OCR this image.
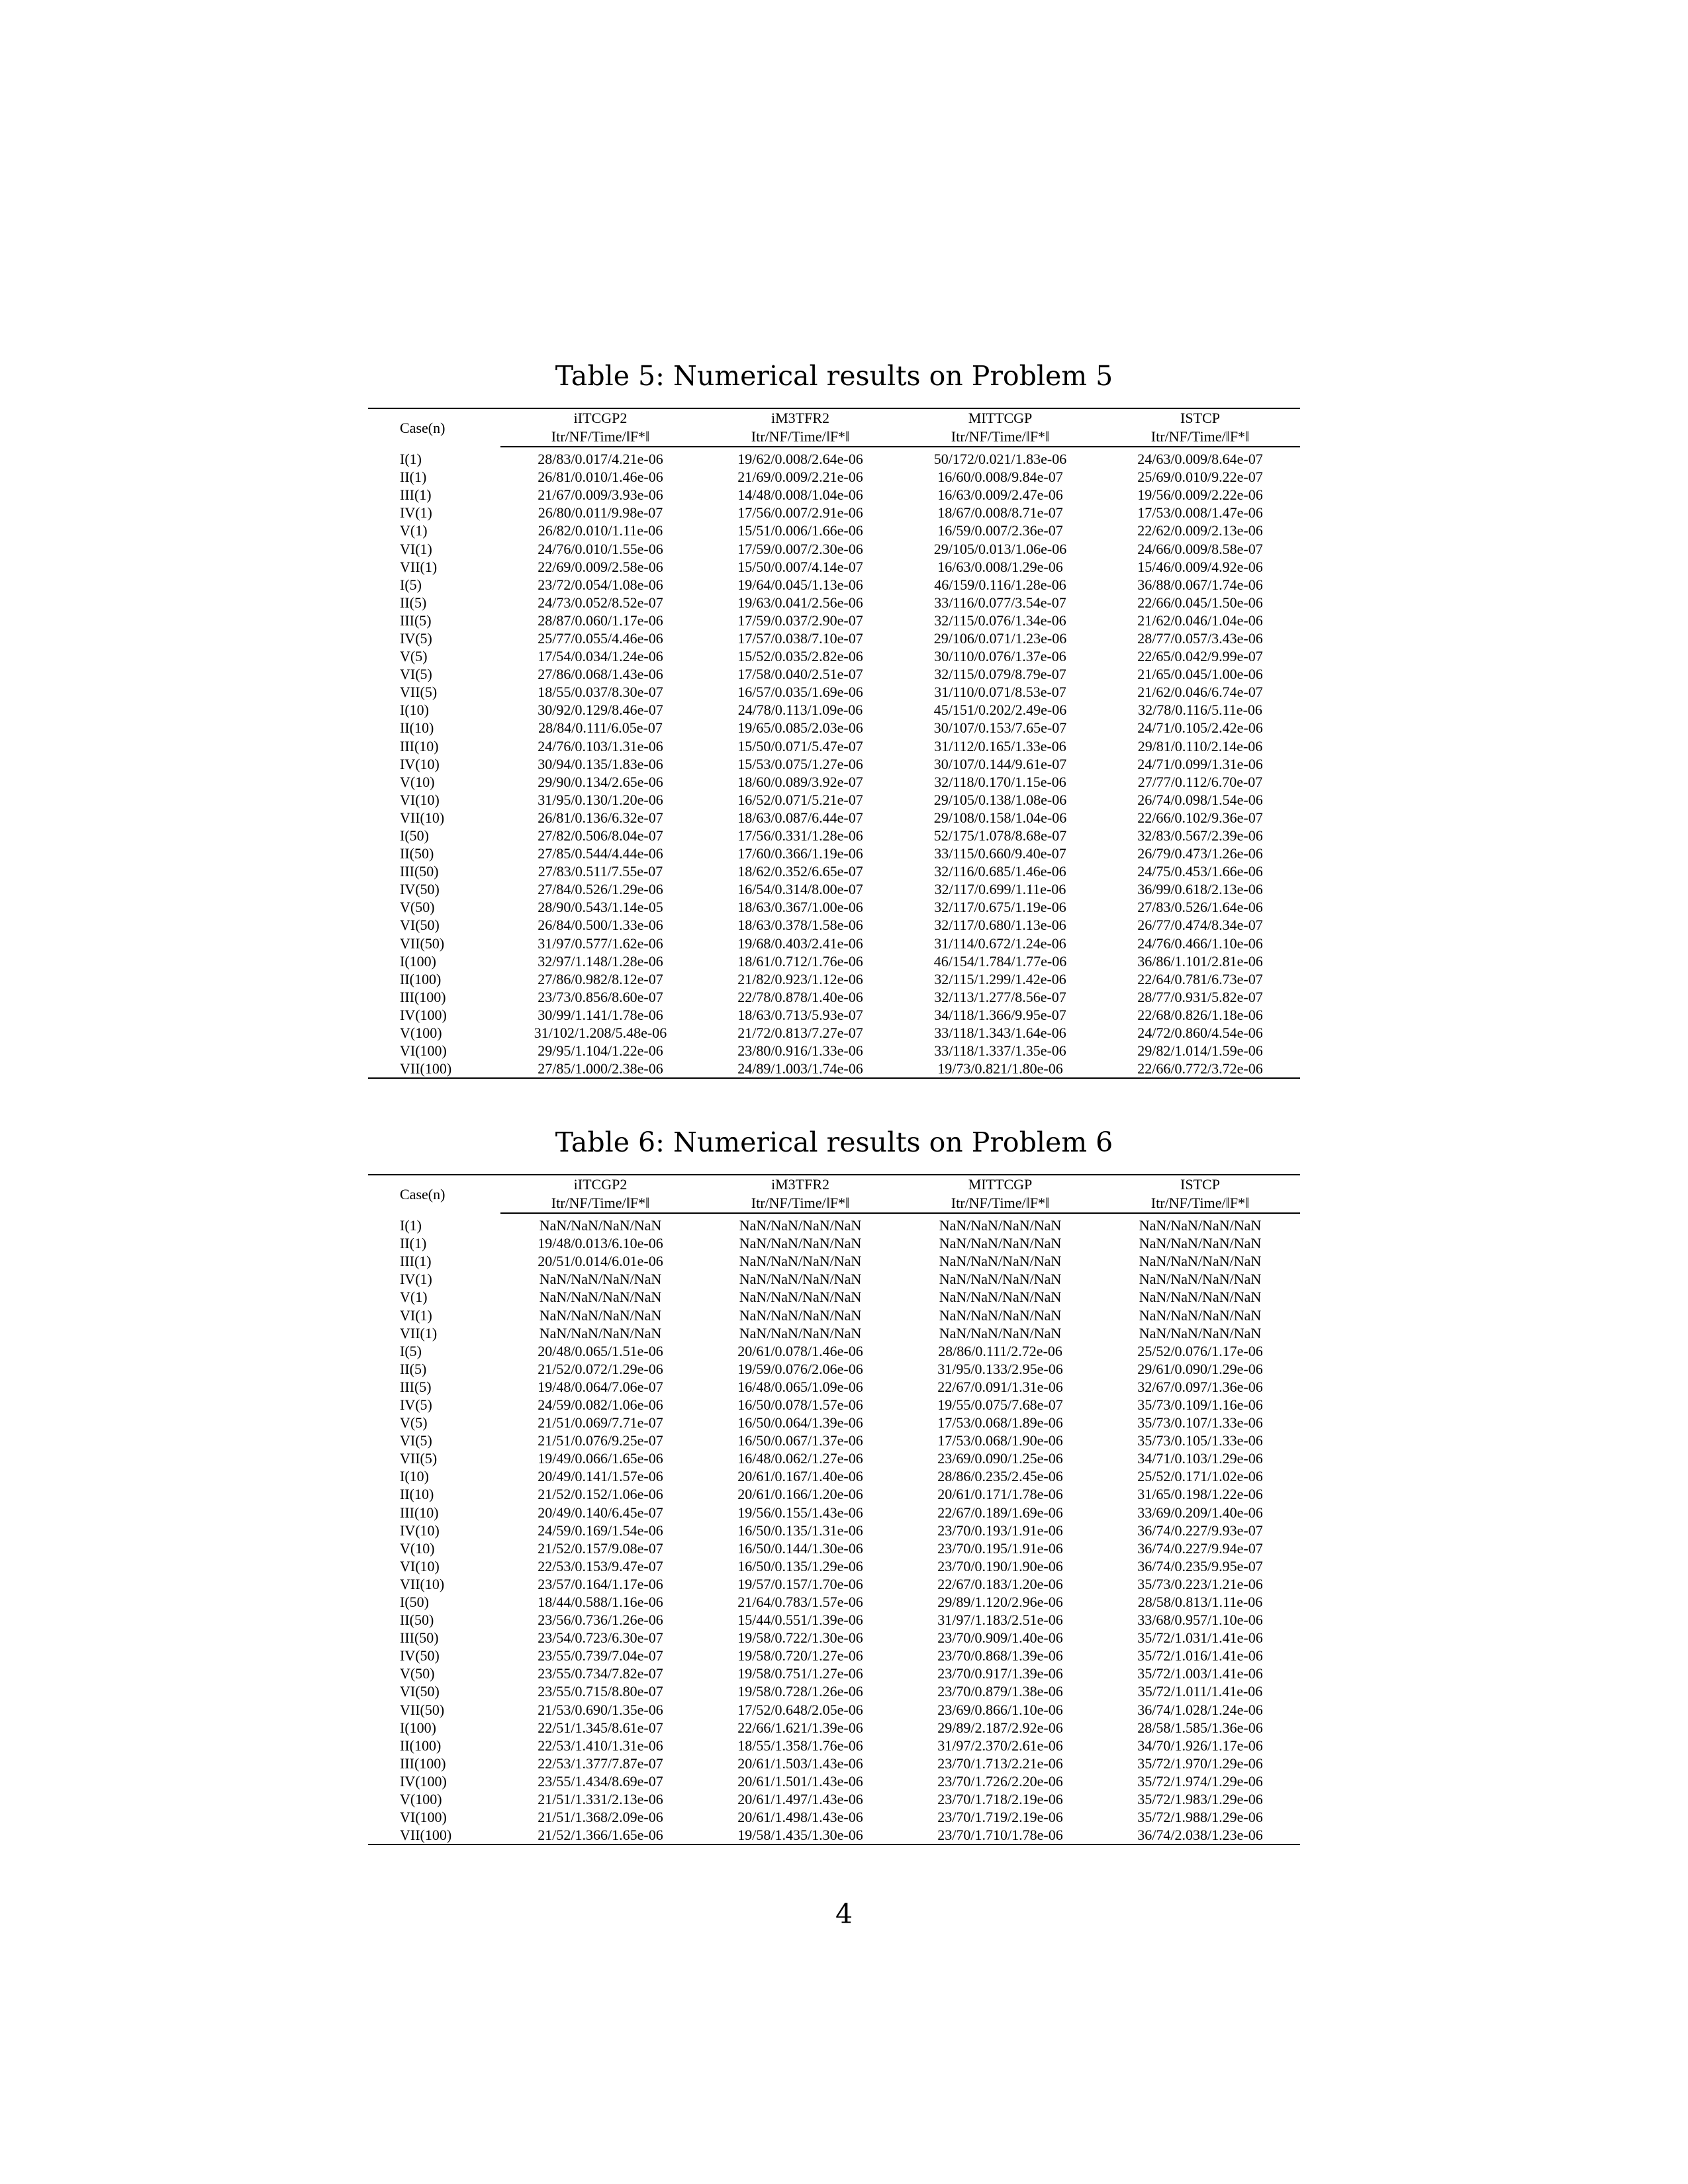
Table 5: Numerical results on Problem 5
Case(n)	iITCGP2	iM3TFR2	MITTCGP	ISTCP
	Itr/NF/Time/‖F*‖	Itr/NF/Time/‖F*‖	Itr/NF/Time/‖F*‖	Itr/NF/Time/‖F*‖
I(1)	28/83/0.017/4.21e-06	19/62/0.008/2.64e-06	50/172/0.021/1.83e-06	24/63/0.009/8.64e-07
II(1)	26/81/0.010/1.46e-06	21/69/0.009/2.21e-06	16/60/0.008/9.84e-07	25/69/0.010/9.22e-07
III(1)	21/67/0.009/3.93e-06	14/48/0.008/1.04e-06	16/63/0.009/2.47e-06	19/56/0.009/2.22e-06
IV(1)	26/80/0.011/9.98e-07	17/56/0.007/2.91e-06	18/67/0.008/8.71e-07	17/53/0.008/1.47e-06
V(1)	26/82/0.010/1.11e-06	15/51/0.006/1.66e-06	16/59/0.007/2.36e-07	22/62/0.009/2.13e-06
VI(1)	24/76/0.010/1.55e-06	17/59/0.007/2.30e-06	29/105/0.013/1.06e-06	24/66/0.009/8.58e-07
VII(1)	22/69/0.009/2.58e-06	15/50/0.007/4.14e-07	16/63/0.008/1.29e-06	15/46/0.009/4.92e-06
I(5)	23/72/0.054/1.08e-06	19/64/0.045/1.13e-06	46/159/0.116/1.28e-06	36/88/0.067/1.74e-06
II(5)	24/73/0.052/8.52e-07	19/63/0.041/2.56e-06	33/116/0.077/3.54e-07	22/66/0.045/1.50e-06
III(5)	28/87/0.060/1.17e-06	17/59/0.037/2.90e-07	32/115/0.076/1.34e-06	21/62/0.046/1.04e-06
IV(5)	25/77/0.055/4.46e-06	17/57/0.038/7.10e-07	29/106/0.071/1.23e-06	28/77/0.057/3.43e-06
V(5)	17/54/0.034/1.24e-06	15/52/0.035/2.82e-06	30/110/0.076/1.37e-06	22/65/0.042/9.99e-07
VI(5)	27/86/0.068/1.43e-06	17/58/0.040/2.51e-07	32/115/0.079/8.79e-07	21/65/0.045/1.00e-06
VII(5)	18/55/0.037/8.30e-07	16/57/0.035/1.69e-06	31/110/0.071/8.53e-07	21/62/0.046/6.74e-07
I(10)	30/92/0.129/8.46e-07	24/78/0.113/1.09e-06	45/151/0.202/2.49e-06	32/78/0.116/5.11e-06
II(10)	28/84/0.111/6.05e-07	19/65/0.085/2.03e-06	30/107/0.153/7.65e-07	24/71/0.105/2.42e-06
III(10)	24/76/0.103/1.31e-06	15/50/0.071/5.47e-07	31/112/0.165/1.33e-06	29/81/0.110/2.14e-06
IV(10)	30/94/0.135/1.83e-06	15/53/0.075/1.27e-06	30/107/0.144/9.61e-07	24/71/0.099/1.31e-06
V(10)	29/90/0.134/2.65e-06	18/60/0.089/3.92e-07	32/118/0.170/1.15e-06	27/77/0.112/6.70e-07
VI(10)	31/95/0.130/1.20e-06	16/52/0.071/5.21e-07	29/105/0.138/1.08e-06	26/74/0.098/1.54e-06
VII(10)	26/81/0.136/6.32e-07	18/63/0.087/6.44e-07	29/108/0.158/1.04e-06	22/66/0.102/9.36e-07
I(50)	27/82/0.506/8.04e-07	17/56/0.331/1.28e-06	52/175/1.078/8.68e-07	32/83/0.567/2.39e-06
II(50)	27/85/0.544/4.44e-06	17/60/0.366/1.19e-06	33/115/0.660/9.40e-07	26/79/0.473/1.26e-06
III(50)	27/83/0.511/7.55e-07	18/62/0.352/6.65e-07	32/116/0.685/1.46e-06	24/75/0.453/1.66e-06
IV(50)	27/84/0.526/1.29e-06	16/54/0.314/8.00e-07	32/117/0.699/1.11e-06	36/99/0.618/2.13e-06
V(50)	28/90/0.543/1.14e-05	18/63/0.367/1.00e-06	32/117/0.675/1.19e-06	27/83/0.526/1.64e-06
VI(50)	26/84/0.500/1.33e-06	18/63/0.378/1.58e-06	32/117/0.680/1.13e-06	26/77/0.474/8.34e-07
VII(50)	31/97/0.577/1.62e-06	19/68/0.403/2.41e-06	31/114/0.672/1.24e-06	24/76/0.466/1.10e-06
I(100)	32/97/1.148/1.28e-06	18/61/0.712/1.76e-06	46/154/1.784/1.77e-06	36/86/1.101/2.81e-06
II(100)	27/86/0.982/8.12e-07	21/82/0.923/1.12e-06	32/115/1.299/1.42e-06	22/64/0.781/6.73e-07
III(100)	23/73/0.856/8.60e-07	22/78/0.878/1.40e-06	32/113/1.277/8.56e-07	28/77/0.931/5.82e-07
IV(100)	30/99/1.141/1.78e-06	18/63/0.713/5.93e-07	34/118/1.366/9.95e-07	22/68/0.826/1.18e-06
V(100)	31/102/1.208/5.48e-06	21/72/0.813/7.27e-07	33/118/1.343/1.64e-06	24/72/0.860/4.54e-06
VI(100)	29/95/1.104/1.22e-06	23/80/0.916/1.33e-06	33/118/1.337/1.35e-06	29/82/1.014/1.59e-06
VII(100)	27/85/1.000/2.38e-06	24/89/1.003/1.74e-06	19/73/0.821/1.80e-06	22/66/0.772/3.72e-06
Table 6: Numerical results on Problem 6
Case(n)	iITCGP2	iM3TFR2	MITTCGP	ISTCP
	Itr/NF/Time/‖F*‖	Itr/NF/Time/‖F*‖	Itr/NF/Time/‖F*‖	Itr/NF/Time/‖F*‖
I(1)	NaN/NaN/NaN/NaN	NaN/NaN/NaN/NaN	NaN/NaN/NaN/NaN	NaN/NaN/NaN/NaN
II(1)	19/48/0.013/6.10e-06	NaN/NaN/NaN/NaN	NaN/NaN/NaN/NaN	NaN/NaN/NaN/NaN
III(1)	20/51/0.014/6.01e-06	NaN/NaN/NaN/NaN	NaN/NaN/NaN/NaN	NaN/NaN/NaN/NaN
IV(1)	NaN/NaN/NaN/NaN	NaN/NaN/NaN/NaN	NaN/NaN/NaN/NaN	NaN/NaN/NaN/NaN
V(1)	NaN/NaN/NaN/NaN	NaN/NaN/NaN/NaN	NaN/NaN/NaN/NaN	NaN/NaN/NaN/NaN
VI(1)	NaN/NaN/NaN/NaN	NaN/NaN/NaN/NaN	NaN/NaN/NaN/NaN	NaN/NaN/NaN/NaN
VII(1)	NaN/NaN/NaN/NaN	NaN/NaN/NaN/NaN	NaN/NaN/NaN/NaN	NaN/NaN/NaN/NaN
I(5)	20/48/0.065/1.51e-06	20/61/0.078/1.46e-06	28/86/0.111/2.72e-06	25/52/0.076/1.17e-06
II(5)	21/52/0.072/1.29e-06	19/59/0.076/2.06e-06	31/95/0.133/2.95e-06	29/61/0.090/1.29e-06
III(5)	19/48/0.064/7.06e-07	16/48/0.065/1.09e-06	22/67/0.091/1.31e-06	32/67/0.097/1.36e-06
IV(5)	24/59/0.082/1.06e-06	16/50/0.078/1.57e-06	19/55/0.075/7.68e-07	35/73/0.109/1.16e-06
V(5)	21/51/0.069/7.71e-07	16/50/0.064/1.39e-06	17/53/0.068/1.89e-06	35/73/0.107/1.33e-06
VI(5)	21/51/0.076/9.25e-07	16/50/0.067/1.37e-06	17/53/0.068/1.90e-06	35/73/0.105/1.33e-06
VII(5)	19/49/0.066/1.65e-06	16/48/0.062/1.27e-06	23/69/0.090/1.25e-06	34/71/0.103/1.29e-06
I(10)	20/49/0.141/1.57e-06	20/61/0.167/1.40e-06	28/86/0.235/2.45e-06	25/52/0.171/1.02e-06
II(10)	21/52/0.152/1.06e-06	20/61/0.166/1.20e-06	20/61/0.171/1.78e-06	31/65/0.198/1.22e-06
III(10)	20/49/0.140/6.45e-07	19/56/0.155/1.43e-06	22/67/0.189/1.69e-06	33/69/0.209/1.40e-06
IV(10)	24/59/0.169/1.54e-06	16/50/0.135/1.31e-06	23/70/0.193/1.91e-06	36/74/0.227/9.93e-07
V(10)	21/52/0.157/9.08e-07	16/50/0.144/1.30e-06	23/70/0.195/1.91e-06	36/74/0.227/9.94e-07
VI(10)	22/53/0.153/9.47e-07	16/50/0.135/1.29e-06	23/70/0.190/1.90e-06	36/74/0.235/9.95e-07
VII(10)	23/57/0.164/1.17e-06	19/57/0.157/1.70e-06	22/67/0.183/1.20e-06	35/73/0.223/1.21e-06
I(50)	18/44/0.588/1.16e-06	21/64/0.783/1.57e-06	29/89/1.120/2.96e-06	28/58/0.813/1.11e-06
II(50)	23/56/0.736/1.26e-06	15/44/0.551/1.39e-06	31/97/1.183/2.51e-06	33/68/0.957/1.10e-06
III(50)	23/54/0.723/6.30e-07	19/58/0.722/1.30e-06	23/70/0.909/1.40e-06	35/72/1.031/1.41e-06
IV(50)	23/55/0.739/7.04e-07	19/58/0.720/1.27e-06	23/70/0.868/1.39e-06	35/72/1.016/1.41e-06
V(50)	23/55/0.734/7.82e-07	19/58/0.751/1.27e-06	23/70/0.917/1.39e-06	35/72/1.003/1.41e-06
VI(50)	23/55/0.715/8.80e-07	19/58/0.728/1.26e-06	23/70/0.879/1.38e-06	35/72/1.011/1.41e-06
VII(50)	21/53/0.690/1.35e-06	17/52/0.648/2.05e-06	23/69/0.866/1.10e-06	36/74/1.028/1.24e-06
I(100)	22/51/1.345/8.61e-07	22/66/1.621/1.39e-06	29/89/2.187/2.92e-06	28/58/1.585/1.36e-06
II(100)	22/53/1.410/1.31e-06	18/55/1.358/1.76e-06	31/97/2.370/2.61e-06	34/70/1.926/1.17e-06
III(100)	22/53/1.377/7.87e-07	20/61/1.503/1.43e-06	23/70/1.713/2.21e-06	35/72/1.970/1.29e-06
IV(100)	23/55/1.434/8.69e-07	20/61/1.501/1.43e-06	23/70/1.726/2.20e-06	35/72/1.974/1.29e-06
V(100)	21/51/1.331/2.13e-06	20/61/1.497/1.43e-06	23/70/1.718/2.19e-06	35/72/1.983/1.29e-06
VI(100)	21/51/1.368/2.09e-06	20/61/1.498/1.43e-06	23/70/1.719/2.19e-06	35/72/1.988/1.29e-06
VII(100)	21/52/1.366/1.65e-06	19/58/1.435/1.30e-06	23/70/1.710/1.78e-06	36/74/2.038/1.23e-06
4
